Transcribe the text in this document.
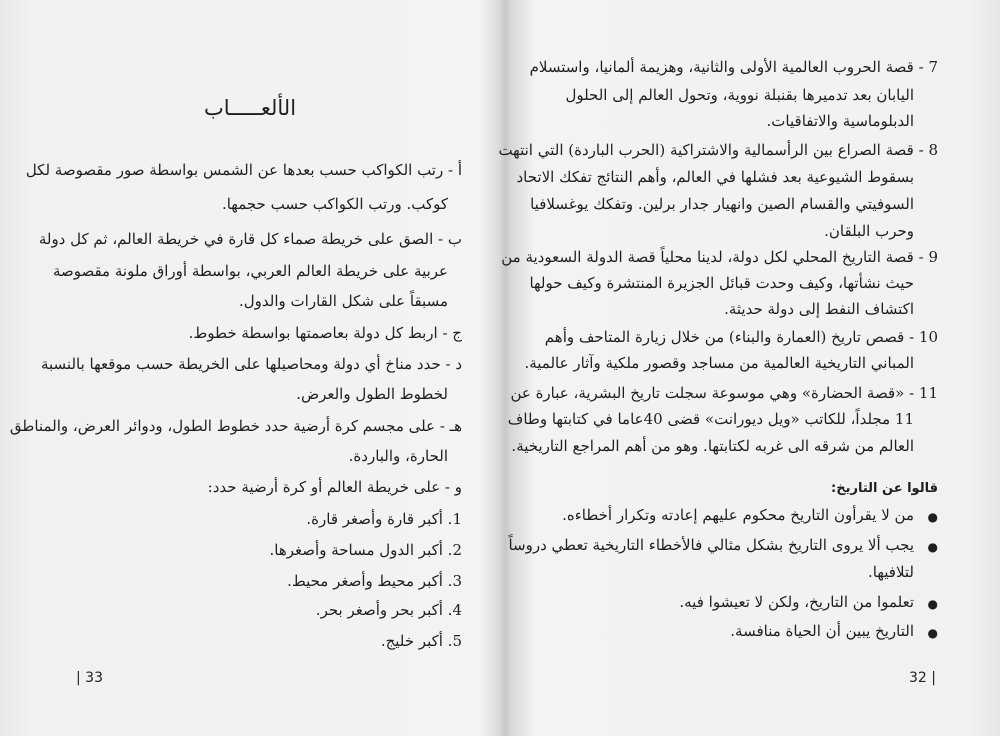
الألعـــــاب
أ - رتب الكواكب حسب بعدها عن الشمس بواسطة صور مقصوصة لكل
كوكب. ورتب الكواكب حسب حجمها.
ب - الصق على خريطة صماء كل قارة في خريطة العالم، ثم كل دولة
عربية على خريطة العالم العربي، بواسطة أوراق ملونة مقصوصة
مسبقاً على شكل القارات والدول.
ج - اربط كل دولة بعاصمتها بواسطة خطوط.
د - حدد مناخ أي دولة ومحاصيلها على الخريطة حسب موقعها بالنسبة
لخطوط الطول والعرض.
هـ - على مجسم كرة أرضية حدد خطوط الطول، ودوائر العرض، والمناطق
الحارة، والباردة.
و - على خريطة العالم أو كرة أرضية حدد:
1. أكبر قارة وأصغر قارة.
2. أكبر الدول مساحة وأصغرها.
3. أكبر محيط وأصغر محيط.
4. أكبر بحر وأصغر بحر.
5. أكبر خليج.
| 33
7 - قصة الحروب العالمية الأولى والثانية، وهزيمة ألمانيا، واستسلام
اليابان بعد تدميرها بقنبلة نووية، وتحول العالم إلى الحلول
الدبلوماسية والاتفاقيات.
8 - قصة الصراع بين الرأسمالية والاشتراكية (الحرب الباردة) التي انتهت
بسقوط الشيوعية بعد فشلها في العالم، وأهم النتائج تفكك الاتحاد
السوفيتي والقسام الصين وانهيار جدار برلين. وتفكك يوغسلافيا
وحرب البلقان.
9 - قصة التاريخ المحلي لكل دولة، لدينا محلياً قصة الدولة السعودية من
حيث نشأتها، وكيف وحدت قبائل الجزيرة المنتشرة وكيف حولها
اكتشاف النفط إلى دولة حديثة.
10 - قصص تاريخ (العمارة والبناء) من خلال زيارة المتاحف وأهم
المباني التاريخية العالمية من مساجد وقصور ملكية وآثار عالمية.
11 - «قصة الحضارة» وهي موسوعة سجلت تاريخ البشرية، عبارة عن
11 مجلداً، للكاتب «ويل ديورانت» قضى 40عاما في كتابتها وطاف
العالم من شرقه الى غربه لكتابتها. وهو من أهم المراجع التاريخية.
قالوا عن التاريخ:
●
من لا يقرأون التاريخ محكوم عليهم إعادته وتكرار أخطاءه.
●
يجب ألا يروى التاريخ بشكل مثالي فالأخطاء التاريخية تعطي دروساً
لتلافيها.
●
تعلموا من التاريخ، ولكن لا تعيشوا فيه.
●
التاريخ يبين أن الحياة منافسة.
32 |
